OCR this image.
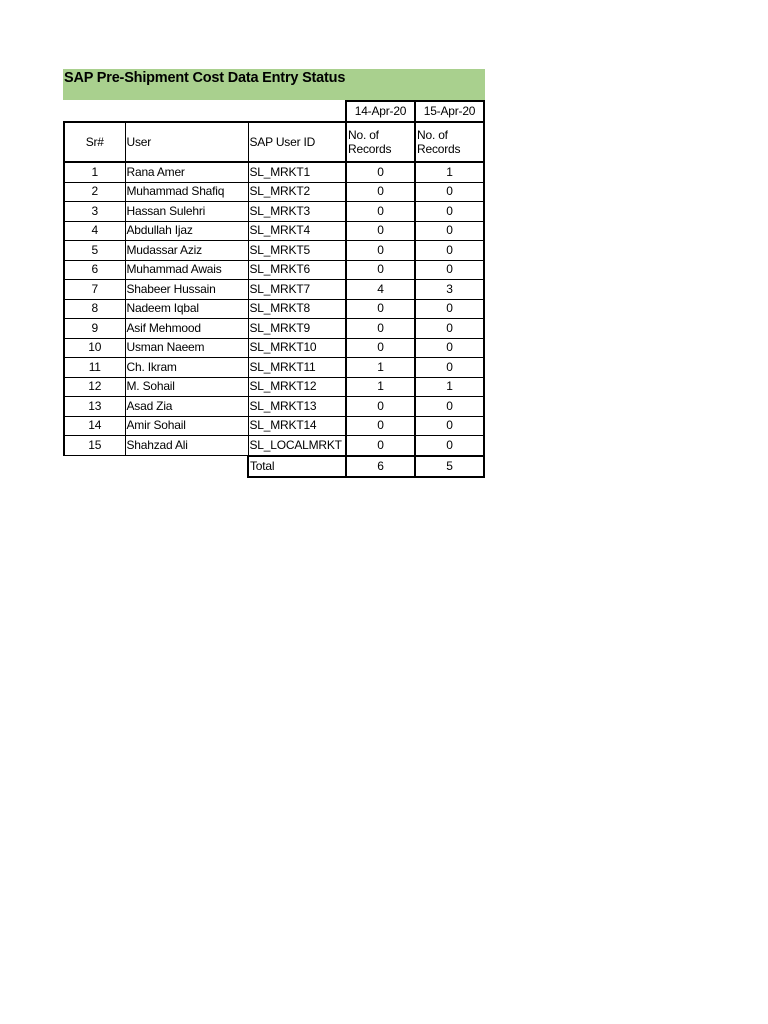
SAP Pre-Shipment Cost Data Entry Status
			14-Apr-20	15-Apr-20
Sr#	User	SAP User ID	No. of Records	No. of Records
1	Rana Amer	SL_MRKT1	0	1
2	Muhammad Shafiq	SL_MRKT2	0	0
3	Hassan Sulehri	SL_MRKT3	0	0
4	Abdullah Ijaz	SL_MRKT4	0	0
5	Mudassar Aziz	SL_MRKT5	0	0
6	Muhammad Awais	SL_MRKT6	0	0
7	Shabeer Hussain	SL_MRKT7	4	3
8	Nadeem Iqbal	SL_MRKT8	0	0
9	Asif Mehmood	SL_MRKT9	0	0
10	Usman Naeem	SL_MRKT10	0	0
11	Ch. Ikram	SL_MRKT11	1	0
12	M. Sohail	SL_MRKT12	1	1
13	Asad Zia	SL_MRKT13	0	0
14	Amir Sohail	SL_MRKT14	0	0
15	Shahzad Ali	SL_LOCALMRKT	0	0
		Total	6	5
